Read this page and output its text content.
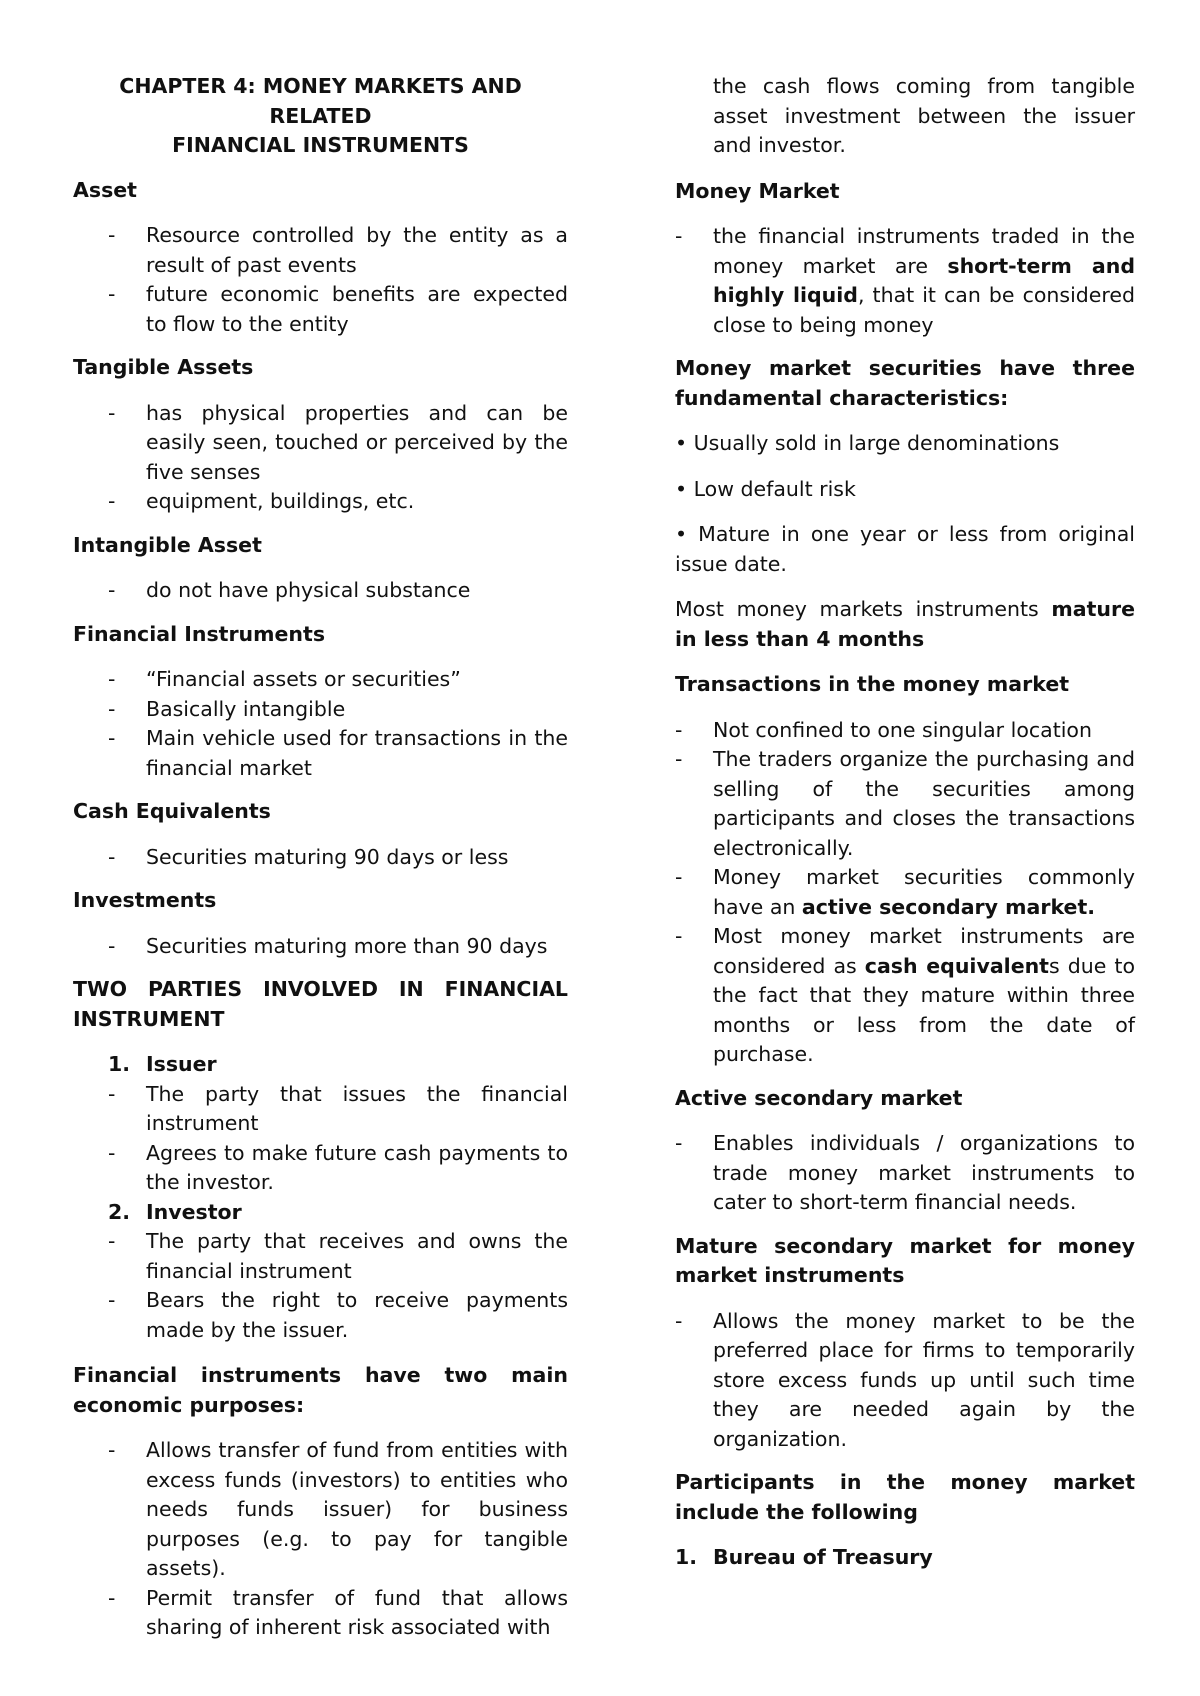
CHAPTER 4: MONEY MARKETS AND RELATED
FINANCIAL INSTRUMENTS
Asset
- Resource controlled by the entity as a result of past events
- future economic benefits are expected to flow to the entity
Tangible Assets
- has physical properties and can be easily seen, touched or perceived by the five senses
- equipment, buildings, etc.
Intangible Asset
- do not have physical substance
Financial Instruments
- “Financial assets or securities”
- Basically intangible
- Main vehicle used for transactions in the financial market
Cash Equivalents
- Securities maturing 90 days or less
Investments
- Securities maturing more than 90 days
TWO PARTIES INVOLVED IN FINANCIAL INSTRUMENT
1. Issuer
- The party that issues the financial instrument
- Agrees to make future cash payments to the investor.
2. Investor
- The party that receives and owns the financial instrument
- Bears the right to receive payments made by the issuer.
Financial instruments have two main economic purposes:
- Allows transfer of fund from entities with excess funds (investors) to entities who needs funds issuer) for business purposes (e.g. to pay for tangible assets).
- Permit transfer of fund that allows sharing of inherent risk associated with
the cash flows coming from tangible asset investment between the issuer and investor.
Money Market
- the financial instruments traded in the money market are short-term and highly liquid, that it can be considered close to being money
Money market securities have three fundamental characteristics:
• Usually sold in large denominations
• Low default risk
• Mature in one year or less from original issue date.
Most money markets instruments mature in less than 4 months
Transactions in the money market
- Not confined to one singular location
- The traders organize the purchasing and selling of the securities among participants and closes the transactions electronically.
- Money market securities commonly have an active secondary market.
- Most money market instruments are considered as cash equivalents due to the fact that they mature within three months or less from the date of purchase.
Active secondary market
- Enables individuals / organizations to trade money market instruments to cater to short-term financial needs.
Mature secondary market for money market instruments
- Allows the money market to be the preferred place for firms to temporarily store excess funds up until such time they are needed again by the organization.
Participants in the money market include the following
1. Bureau of Treasury
